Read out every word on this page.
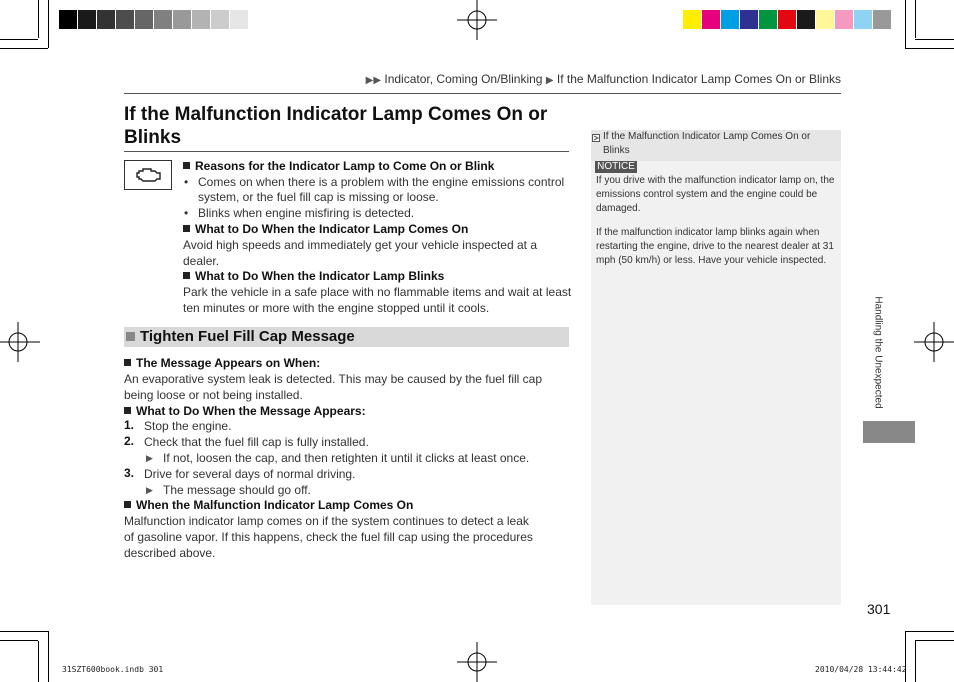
▶▶ Indicator, Coming On/Blinking ▶ If the Malfunction Indicator Lamp Comes On or Blinks
If the Malfunction Indicator Lamp Comes On or Blinks
Reasons for the Indicator Lamp to Come On or Blink
• Comes on when there is a problem with the engine emissions control system, or the fuel fill cap is missing or loose.
• Blinks when engine misfiring is detected.
What to Do When the Indicator Lamp Comes On
Avoid high speeds and immediately get your vehicle inspected at a dealer.
What to Do When the Indicator Lamp Blinks
Park the vehicle in a safe place with no flammable items and wait at least ten minutes or more with the engine stopped until it cools.
Tighten Fuel Fill Cap Message
The Message Appears on When:
An evaporative system leak is detected. This may be caused by the fuel fill cap being loose or not being installed.
What to Do When the Message Appears:
1. Stop the engine.
2. Check that the fuel fill cap is fully installed.
▶ If not, loosen the cap, and then retighten it until it clicks at least once.
3. Drive for several days of normal driving.
▶ The message should go off.
When the Malfunction Indicator Lamp Comes On
Malfunction indicator lamp comes on if the system continues to detect a leak of gasoline vapor. If this happens, check the fuel fill cap using the procedures described above.
If the Malfunction Indicator Lamp Comes On or Blinks
NOTICE
If you drive with the malfunction indicator lamp on, the emissions control system and the engine could be damaged.
If the malfunction indicator lamp blinks again when restarting the engine, drive to the nearest dealer at 31 mph (50 km/h) or less. Have your vehicle inspected.
Handling the Unexpected
301
31SZT600book.indb 301	2010/04/28 13:44:42
